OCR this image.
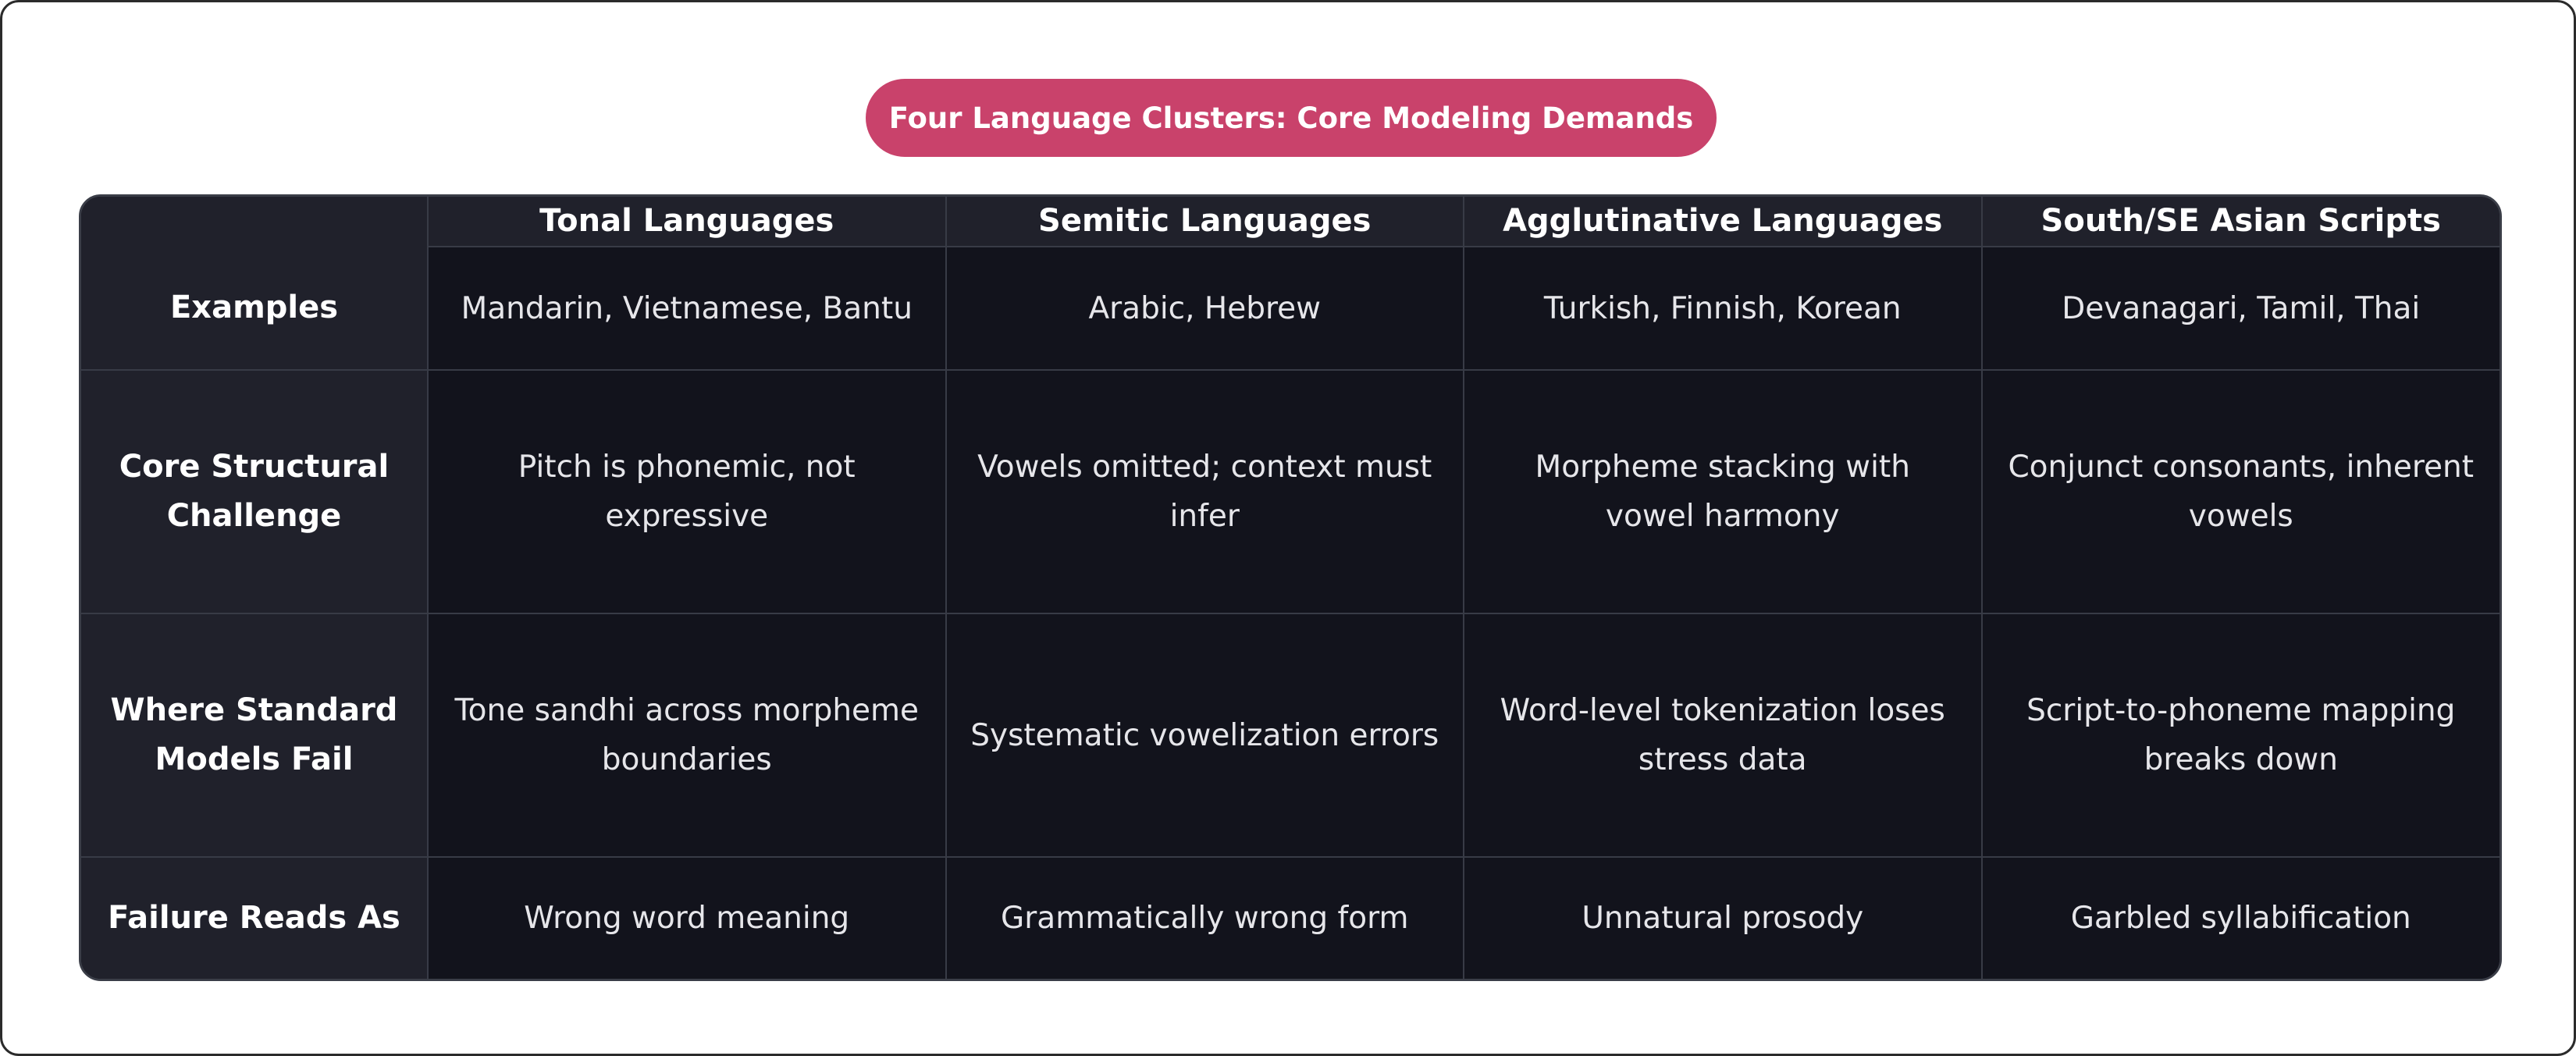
Four Language Clusters: Core Modeling Demands
	Tonal Languages	Semitic Languages	Agglutinative Languages	South/SE Asian Scripts
Examples	Mandarin, Vietnamese, Bantu	Arabic, Hebrew	Turkish, Finnish, Korean	Devanagari, Tamil, Thai
Core Structural Challenge	Pitch is phonemic, not expressive	Vowels omitted; context must infer	Morpheme stacking with vowel harmony	Conjunct consonants, inherent vowels
Where Standard Models Fail	Tone sandhi across morpheme boundaries	Systematic vowelization errors	Word-level tokenization loses stress data	Script-to-phoneme mapping breaks down
Failure Reads As	Wrong word meaning	Grammatically wrong form	Unnatural prosody	Garbled syllabification
